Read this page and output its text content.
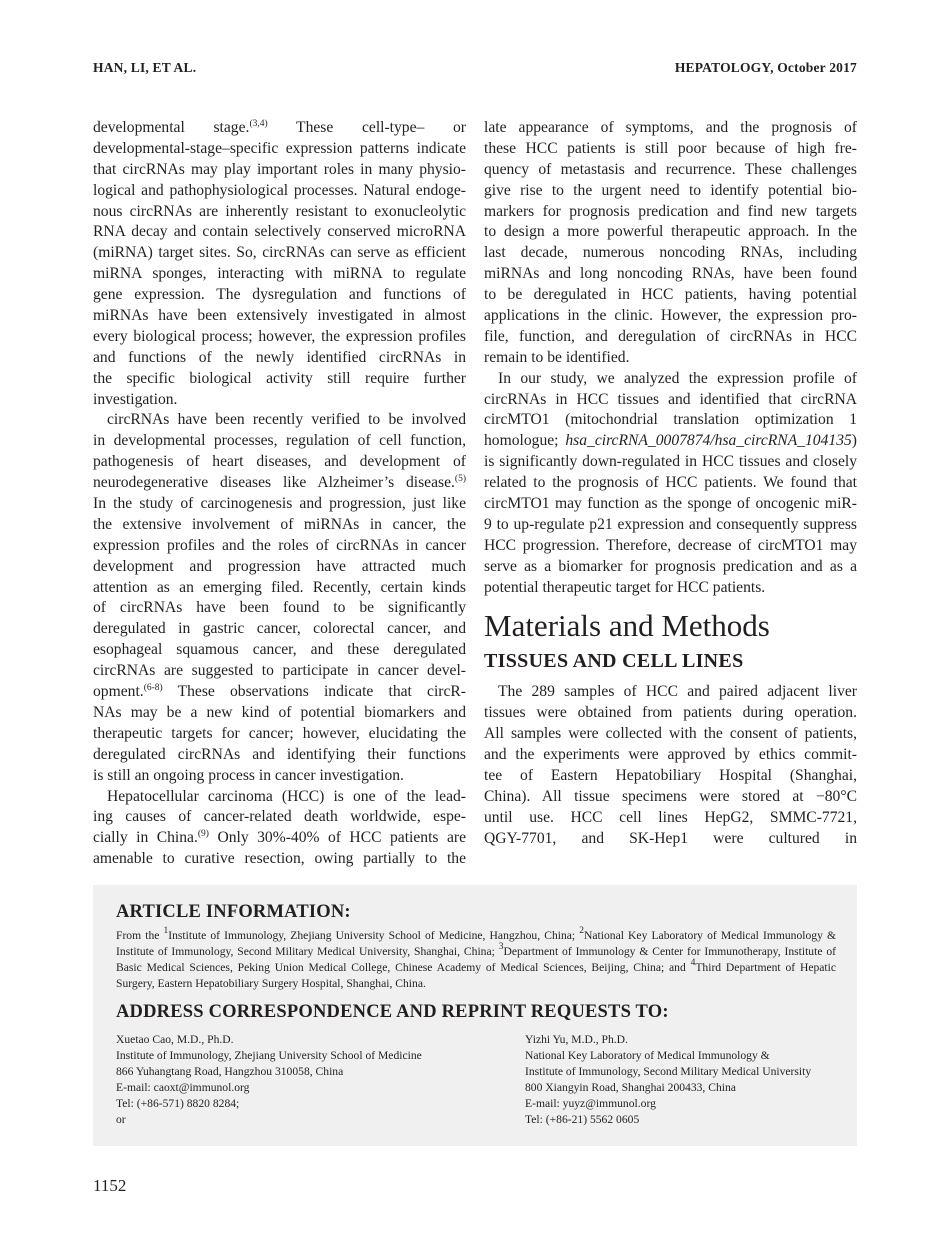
HAN, LI, ET AL.	HEPATOLOGY, October 2017
developmental stage.$^{(3,4)}$ These cell-type– or
developmental-stage–specific expression patterns indicate
that circRNAs may play important roles in many physio-
logical and pathophysiological processes. Natural endoge-
nous circRNAs are inherently resistant to exonucleolytic
RNA decay and contain selectively conserved microRNA
(miRNA) target sites. So, circRNAs can serve as efficient
miRNA sponges, interacting with miRNA to regulate
gene expression. The dysregulation and functions of
miRNAs have been extensively investigated in almost
every biological process; however, the expression profiles
and functions of the newly identified circRNAs in
the specific biological activity still require further
investigation.
circRNAs have been recently verified to be involved
in developmental processes, regulation of cell function,
pathogenesis of heart diseases, and development of
neurodegenerative diseases like Alzheimer’s disease.$^{(5)}$
In the study of carcinogenesis and progression, just like
the extensive involvement of miRNAs in cancer, the
expression profiles and the roles of circRNAs in cancer
development and progression have attracted much
attention as an emerging filed. Recently, certain kinds
of circRNAs have been found to be significantly
deregulated in gastric cancer, colorectal cancer, and
esophageal squamous cancer, and these deregulated
circRNAs are suggested to participate in cancer devel-
opment.$^{(6-8)}$ These observations indicate that circR-
NAs may be a new kind of potential biomarkers and
therapeutic targets for cancer; however, elucidating the
deregulated circRNAs and identifying their functions
is still an ongoing process in cancer investigation.
Hepatocellular carcinoma (HCC) is one of the lead-
ing causes of cancer-related death worldwide, espe-
cially in China.$^{(9)}$ Only 30%-40% of HCC patients are
amenable to curative resection, owing partially to the
late appearance of symptoms, and the prognosis of
these HCC patients is still poor because of high fre-
quency of metastasis and recurrence. These challenges
give rise to the urgent need to identify potential bio-
markers for prognosis predication and find new targets
to design a more powerful therapeutic approach. In the
last decade, numerous noncoding RNAs, including
miRNAs and long noncoding RNAs, have been found
to be deregulated in HCC patients, having potential
applications in the clinic. However, the expression pro-
file, function, and deregulation of circRNAs in HCC
remain to be identified.
In our study, we analyzed the expression profile of
circRNAs in HCC tissues and identified that circRNA
circMTO1 (mitochondrial translation optimization 1
homologue; hsa_circRNA_0007874/hsa_circRNA_104135)
is significantly down-regulated in HCC tissues and closely
related to the prognosis of HCC patients. We found that
circMTO1 may function as the sponge of oncogenic miR-
9 to up-regulate p21 expression and consequently suppress
HCC progression. Therefore, decrease of circMTO1 may
serve as a biomarker for prognosis predication and as a
potential therapeutic target for HCC patients.
Materials and Methods
TISSUES AND CELL LINES
The 289 samples of HCC and paired adjacent liver
tissues were obtained from patients during operation.
All samples were collected with the consent of patients,
and the experiments were approved by ethics commit-
tee of Eastern Hepatobiliary Hospital (Shanghai,
China). All tissue specimens were stored at −80°C
until use. HCC cell lines HepG2, SMMC-7721,
QGY-7701, and SK-Hep1 were cultured in
ARTICLE INFORMATION:
From the $^1$Institute of Immunology, Zhejiang University School of Medicine, Hangzhou, China; $^2$National Key Laboratory of Medical Immunology & Institute of Immunology, Second Military Medical University, Shanghai, China; $^3$Department of Immunology & Center for Immunotherapy, Institute of Basic Medical Sciences, Peking Union Medical College, Chinese Academy of Medical Sciences, Beijing, China; and $^4$Third Department of Hepatic Surgery, Eastern Hepatobiliary Surgery Hospital, Shanghai, China.
ADDRESS CORRESPONDENCE AND REPRINT REQUESTS TO:
Xuetao Cao, M.D., Ph.D.
Institute of Immunology, Zhejiang University School of Medicine
866 Yuhangtang Road, Hangzhou 310058, China
E-mail: caoxt@immunol.org
Tel: (+86-571) 8820 8284;
or
Yizhi Yu, M.D., Ph.D.
National Key Laboratory of Medical Immunology &
Institute of Immunology, Second Military Medical University
800 Xiangyin Road, Shanghai 200433, China
E-mail: yuyz@immunol.org
Tel: (+86-21) 5562 0605
1152
